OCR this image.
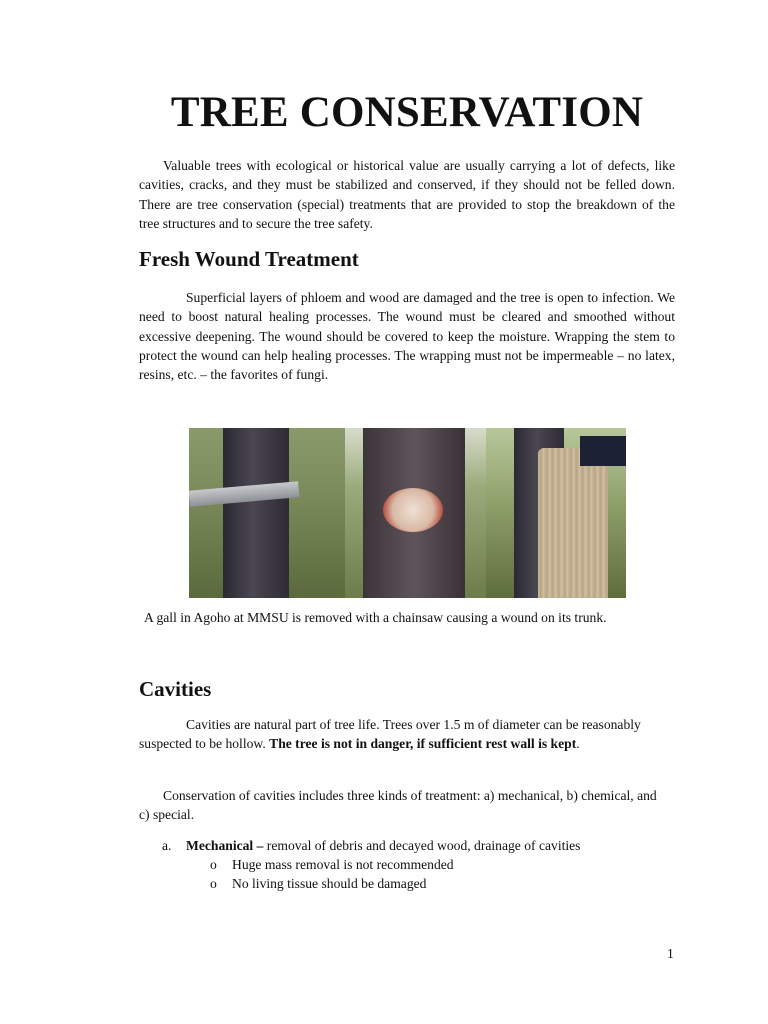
TREE CONSERVATION

Valuable trees with ecological or historical value are usually carrying a lot of defects, like cavities, cracks, and they must be stabilized and conserved, if they should not be felled down. There are tree conservation (special) treatments that are provided to stop the breakdown of the tree structures and to secure the tree safety.

Fresh Wound Treatment

Superficial layers of phloem and wood are damaged and the tree is open to infection. We need to boost natural healing processes. The wound must be cleared and smoothed without excessive deepening. The wound should be covered to keep the moisture. Wrapping the stem to protect the wound can help healing processes. The wrapping must not be impermeable – no latex, resins, etc. – the favorites of fungi.

A gall in Agoho at MMSU is removed with a chainsaw causing a wound on its trunk.

Cavities

Cavities are natural part of tree life. Trees over 1.5 m of diameter can be reasonably suspected to be hollow. The tree is not in danger, if sufficient rest wall is kept.

Conservation of cavities includes three kinds of treatment: a) mechanical, b) chemical, and c) special.

a. Mechanical – removal of debris and decayed wood, drainage of cavities

o Huge mass removal is not recommended

o No living tissue should be damaged

1
